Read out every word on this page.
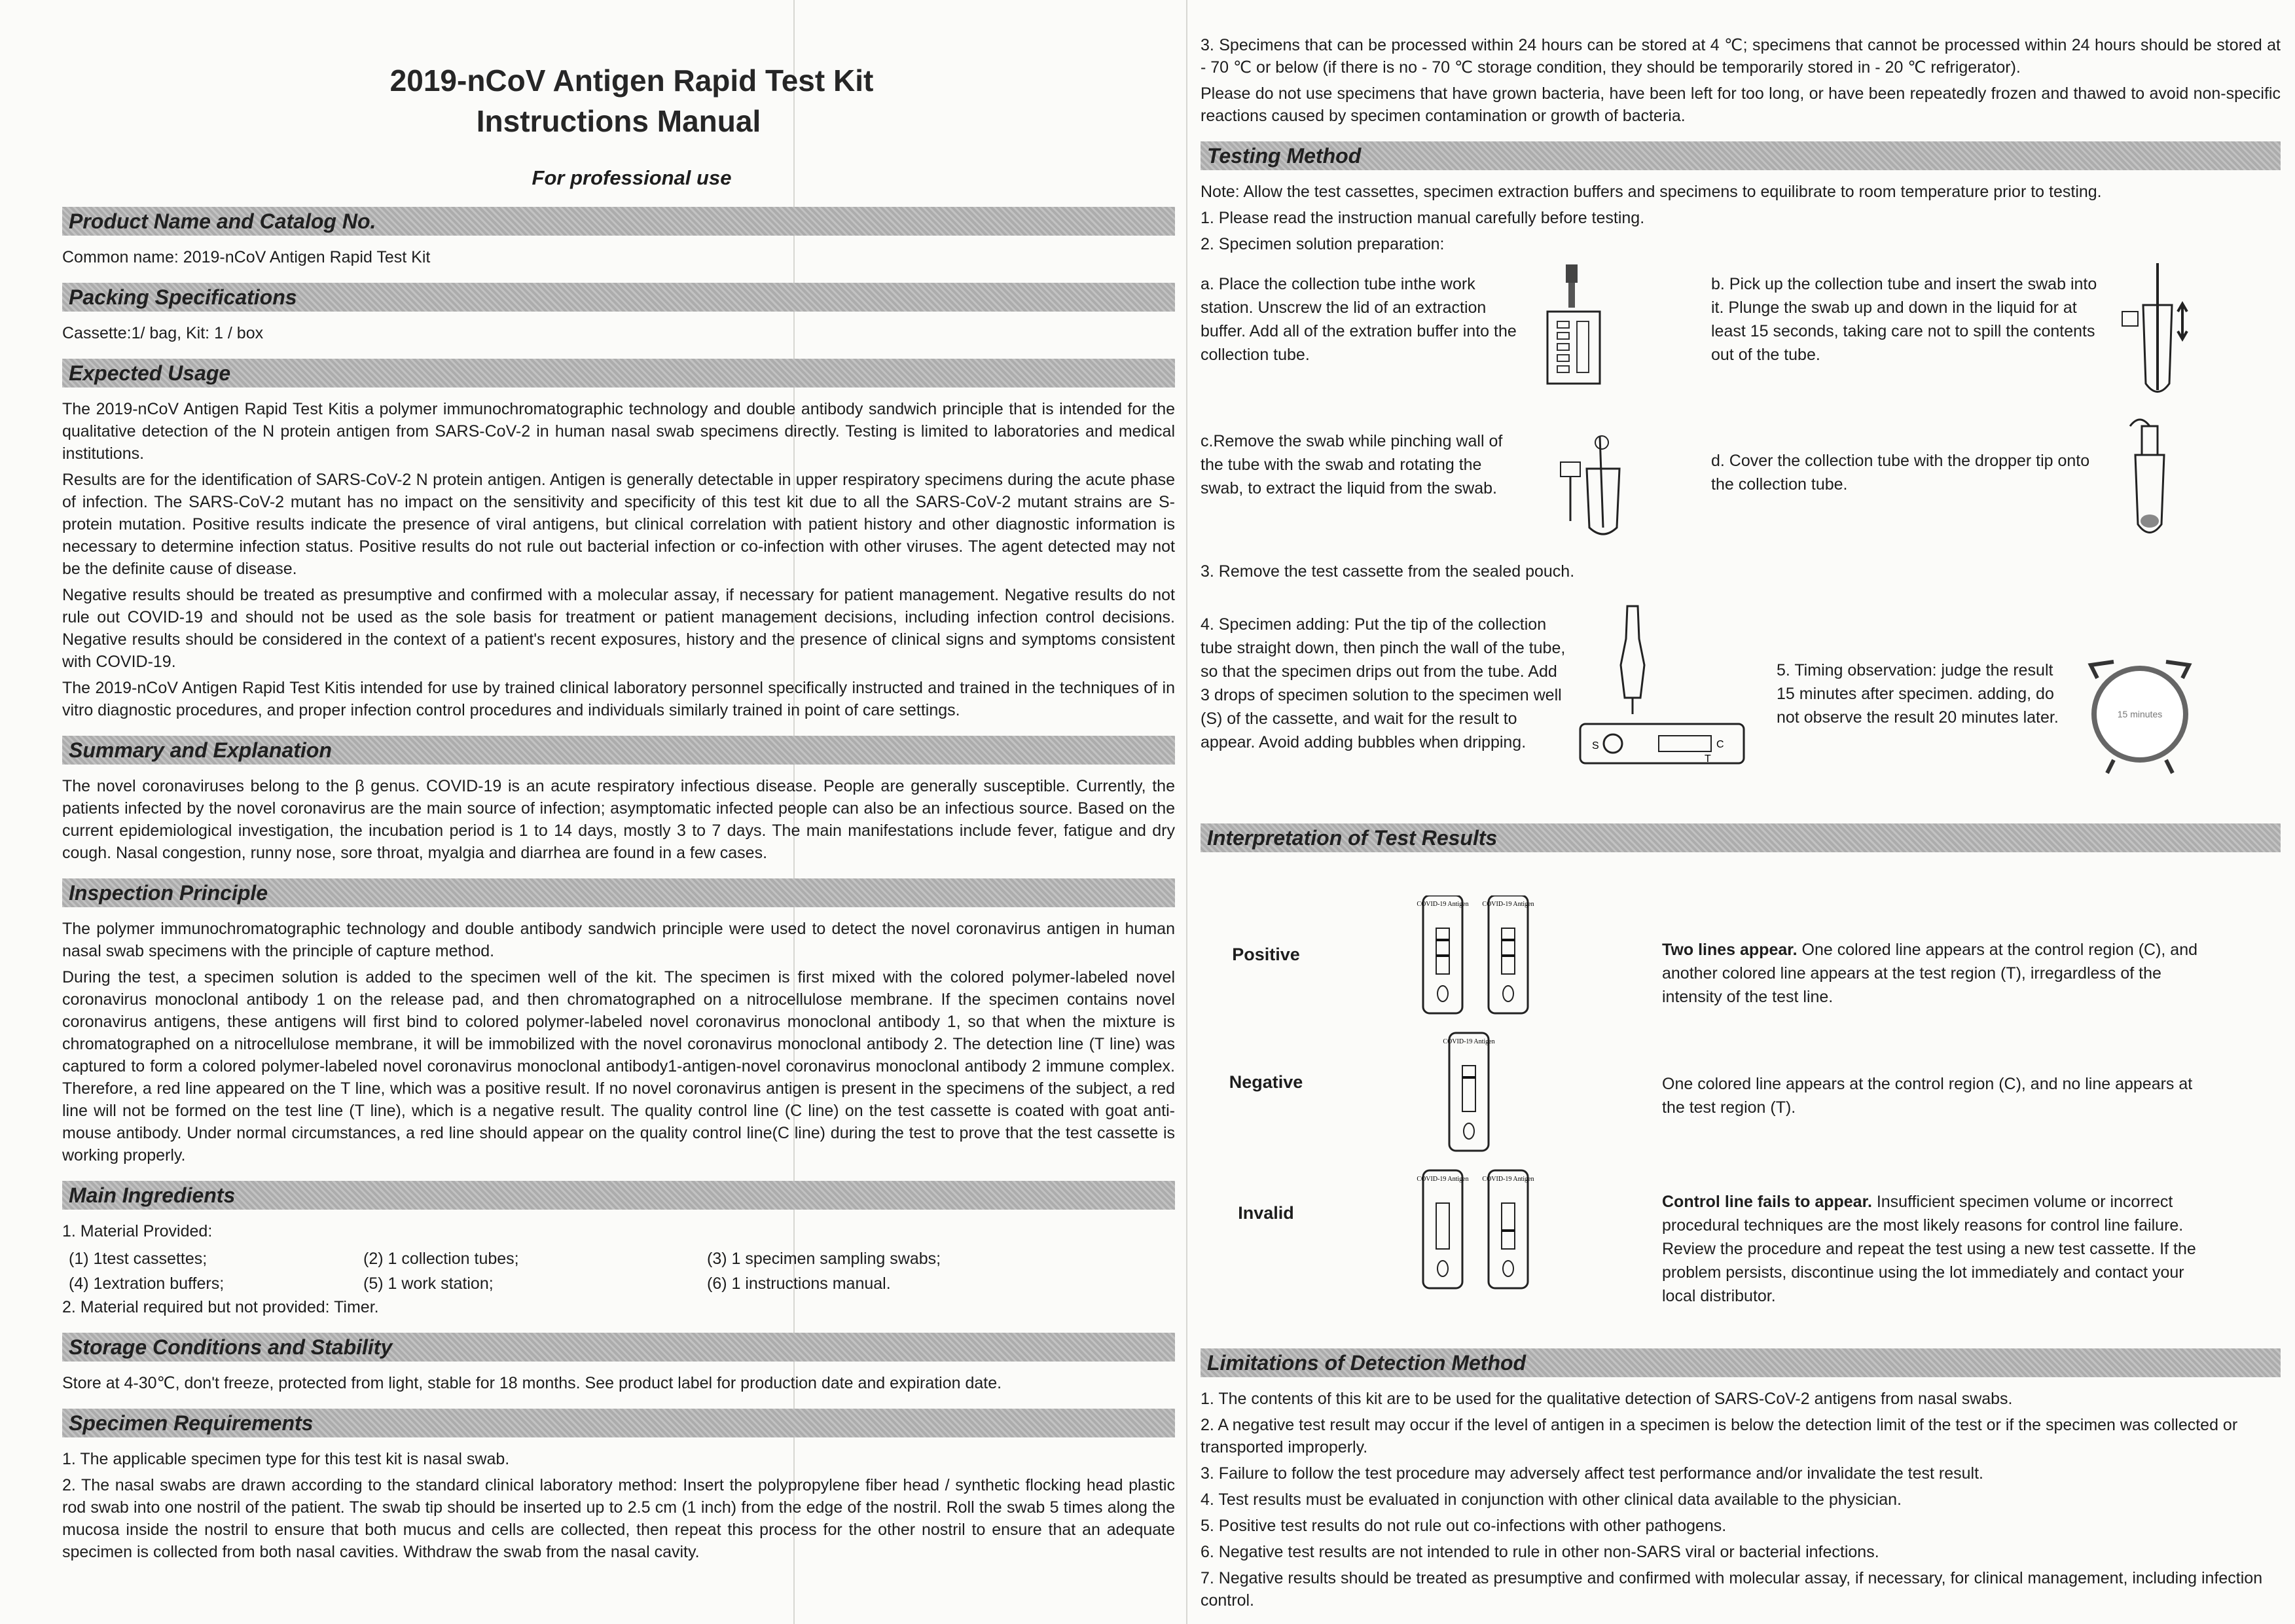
2019-nCoV Antigen Rapid Test Kit
Instructions Manual
For professional use
Product Name and Catalog No.
Common name: 2019-nCoV Antigen Rapid Test Kit
Packing Specifications
Cassette:1/ bag, Kit: 1 / box
Expected Usage
The 2019-nCoV Antigen Rapid Test Kitis a polymer immunochromatographic technology and double antibody sandwich principle that is intended for the qualitative detection of the N protein antigen from SARS-CoV-2 in human nasal swab specimens directly. Testing is limited to laboratories and medical institutions.
Results are for the identification of SARS-CoV-2 N protein antigen. Antigen is generally detectable in upper respiratory specimens during the acute phase of infection. The SARS-CoV-2 mutant has no impact on the sensitivity and specificity of this test kit due to all the SARS-CoV-2 mutant strains are S-protein mutation. Positive results indicate the presence of viral antigens, but clinical correlation with patient history and other diagnostic information is necessary to determine infection status. Positive results do not rule out bacterial infection or co-infection with other viruses. The agent detected may not be the definite cause of disease.
Negative results should be treated as presumptive and confirmed with a molecular assay, if necessary for patient management. Negative results do not rule out COVID-19 and should not be used as the sole basis for treatment or patient management decisions, including infection control decisions. Negative results should be considered in the context of a patient's recent exposures, history and the presence of clinical signs and symptoms consistent with COVID-19.
The 2019-nCoV Antigen Rapid Test Kitis intended for use by trained clinical laboratory personnel specifically instructed and trained in the techniques of in vitro diagnostic procedures, and proper infection control procedures and individuals similarly trained in point of care settings.
Summary and Explanation
The novel coronaviruses belong to the β genus. COVID-19 is an acute respiratory infectious disease. People are generally susceptible. Currently, the patients infected by the novel coronavirus are the main source of infection; asymptomatic infected people can also be an infectious source. Based on the current epidemiological investigation, the incubation period is 1 to 14 days, mostly 3 to 7 days. The main manifestations include fever, fatigue and dry cough. Nasal congestion, runny nose, sore throat, myalgia and diarrhea are found in a few cases.
Inspection Principle
The polymer immunochromatographic technology and double antibody sandwich principle were used to detect the novel coronavirus antigen in human nasal swab specimens with the principle of capture method.
During the test, a specimen solution is added to the specimen well of the kit. The specimen is first mixed with the colored polymer-labeled novel coronavirus monoclonal antibody 1 on the release pad, and then chromatographed on a nitrocellulose membrane. If the specimen contains novel coronavirus antigens, these antigens will first bind to colored polymer-labeled novel coronavirus monoclonal antibody 1, so that when the mixture is chromatographed on a nitrocellulose membrane, it will be immobilized with the novel coronavirus monoclonal antibody 2. The detection line (T line) was captured to form a colored polymer-labeled novel coronavirus monoclonal antibody1-antigen-novel coronavirus monoclonal antibody 2 immune complex. Therefore, a red line appeared on the T line, which was a positive result. If no novel coronavirus antigen is present in the specimens of the subject, a red line will not be formed on the test line (T line), which is a negative result. The quality control line (C line) on the test cassette is coated with goat anti-mouse antibody. Under normal circumstances, a red line should appear on the quality control line(C line) during the test to prove that the test cassette is working properly.
Main Ingredients
1. Material Provided:
(1) 1test cassettes;	(2) 1 collection tubes;	(3) 1 specimen sampling swabs;
(4) 1extration buffers;	(5) 1 work station;	(6) 1 instructions manual.
2. Material required but not provided: Timer.
Storage Conditions and Stability
Store at 4-30℃, don't freeze, protected from light, stable for 18 months. See product label for production date and expiration date.
Specimen Requirements
1. The applicable specimen type for this test kit is nasal swab.
2. The nasal swabs are drawn according to the standard clinical laboratory method: Insert the polypropylene fiber head / synthetic flocking head plastic rod swab into one nostril of the patient. The swab tip should be inserted up to 2.5 cm (1 inch) from the edge of the nostril. Roll the swab 5 times along the mucosa inside the nostril to ensure that both mucus and cells are collected, then repeat this process for the other nostril to ensure that an adequate specimen is collected from both nasal cavities. Withdraw the swab from the nasal cavity.
3. Specimens that can be processed within 24 hours can be stored at 4 ℃; specimens that cannot be processed within 24 hours should be stored at - 70 ℃ or below (if there is no - 70 ℃ storage condition, they should be temporarily stored in - 20 ℃ refrigerator).
Please do not use specimens that have grown bacteria, have been left for too long, or have been repeatedly frozen and thawed to avoid non-specific reactions caused by specimen contamination or growth of bacteria.
Testing Method
Note: Allow the test cassettes, specimen extraction buffers and specimens to equilibrate to room temperature prior to testing.
1. Please read the instruction manual carefully before testing.
2. Specimen solution preparation:
a. Place the collection tube inthe work station. Unscrew the lid of an extraction buffer. Add all of the extration buffer into the collection tube.
b. Pick up the collection tube and insert the swab into it. Plunge the swab up and down in the liquid for at least 15 seconds, taking care not to spill the contents out of the tube.
c.Remove the swab while pinching wall of the tube with the swab and rotating the swab, to extract the liquid from the swab.
d. Cover the collection tube with the dropper tip onto the collection tube.
3. Remove the test cassette from the sealed pouch.
4. Specimen adding: Put the tip of the collection tube straight down, then pinch the wall of the tube, so that the specimen drips out from the tube. Add 3 drops of specimen solution to the specimen well (S) of the cassette, and wait for the result to appear. Avoid adding bubbles when dripping.	C
T
S
5. Timing observation: judge the result 15 minutes after specimen. adding, do not observe the result 20 minutes later.	15 minutes
Interpretation of Test Results
Positive
Negative
Invalid
COVID-19 Antigen COVID-19 Antigen
COVID-19 Antigen
COVID-19 Antigen COVID-19 Antigen
Two lines appear. One colored line appears at the control region (C), and another colored line appears at the test region (T), irregardless of the intensity of the test line.
One colored line appears at the control region (C), and no line appears at the test region (T).
Control line fails to appear. Insufficient specimen volume or incorrect procedural techniques are the most likely reasons for control line failure. Review the procedure and repeat the test using a new test cassette. If the problem persists, discontinue using the lot immediately and contact your local distributor.
Limitations of Detection Method
1. The contents of this kit are to be used for the qualitative detection of SARS-CoV-2 antigens from nasal swabs.
2. A negative test result may occur if the level of antigen in a specimen is below the detection limit of the test or if the specimen was collected or transported improperly.
3. Failure to follow the test procedure may adversely affect test performance and/or invalidate the test result.
4. Test results must be evaluated in conjunction with other clinical data available to the physician.
5. Positive test results do not rule out co-infections with other pathogens.
6. Negative test results are not intended to rule in other non-SARS viral or bacterial infections.
7. Negative results should be treated as presumptive and confirmed with molecular assay, if necessary, for clinical management, including infection control.
